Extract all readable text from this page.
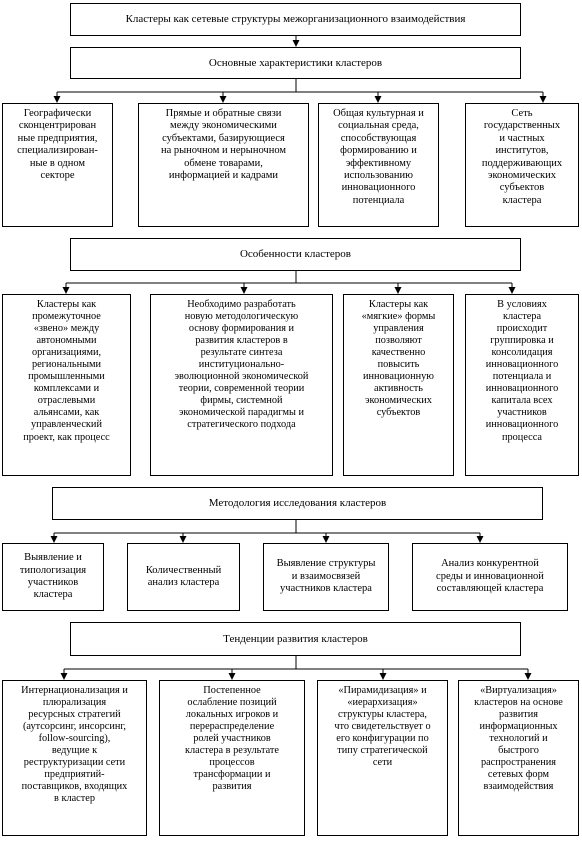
Кластеры как сетевые структуры межорганизационного взаимодействия
Основные характеристики кластеров
Географически
сконцентрирован
ные предприятия,
специализирован-
ные в одном
секторе
Прямые и обратные связи
между экономическими
субъектами, базирующиеся
на рыночном и нерыночном
обмене товарами,
информацией и кадрами
Общая культурная и
социальная среда,
способствующая
формированию и
эффективному
использованию
инновационного
потенциала
Сеть
государственных
и частных
институтов,
поддерживающих
экономических
субъектов
кластера
Особенности кластеров
Кластеры как
промежуточное
«звено» между
автономными
организациями,
региональными
промышленными
комплексами и
отраслевыми
альянсами, как
управленческий
проект, как процесс
Необходимо разработать
новую методологическую
основу формирования и
развития кластеров в
результате синтеза
институционально-
эволюционной экономической
теории, современной теории
фирмы, системной
экономической парадигмы и
стратегического подхода
Кластеры как
«мягкие» формы
управления
позволяют
качественно
повысить
инновационную
активность
экономических
субъектов
В условиях
кластера
происходит
группировка и
консолидация
инновационного
потенциала и
инновационного
капитала всех
участников
инновационного
процесса
Методология исследования кластеров
Выявление и
типологизация
участников
кластера
Количественный
анализ кластера
Выявление структуры
и взаимосвязей
участников кластера
Анализ конкурентной
среды и инновационной
составляющей кластера
Тенденции развития кластеров
Интернационализация и
плюрализация
ресурсных стратегий
(аутсорсинг, инсорсинг,
follow-sourcing),
ведущие к
реструктуризации сети
предприятий-
поставщиков, входящих
в кластер
Постепенное
ослабление позиций
локальных игроков и
перераспределение
ролей участников
кластера в результате
процессов
трансформации и
развития
«Пирамидизация» и
«иерархизация»
структуры кластера,
что свидетельствует о
его конфигурации по
типу стратегической
сети
«Виртуализация»
кластеров на основе
развития
информационных
технологий и
быстрого
распространения
сетевых форм
взаимодействия
